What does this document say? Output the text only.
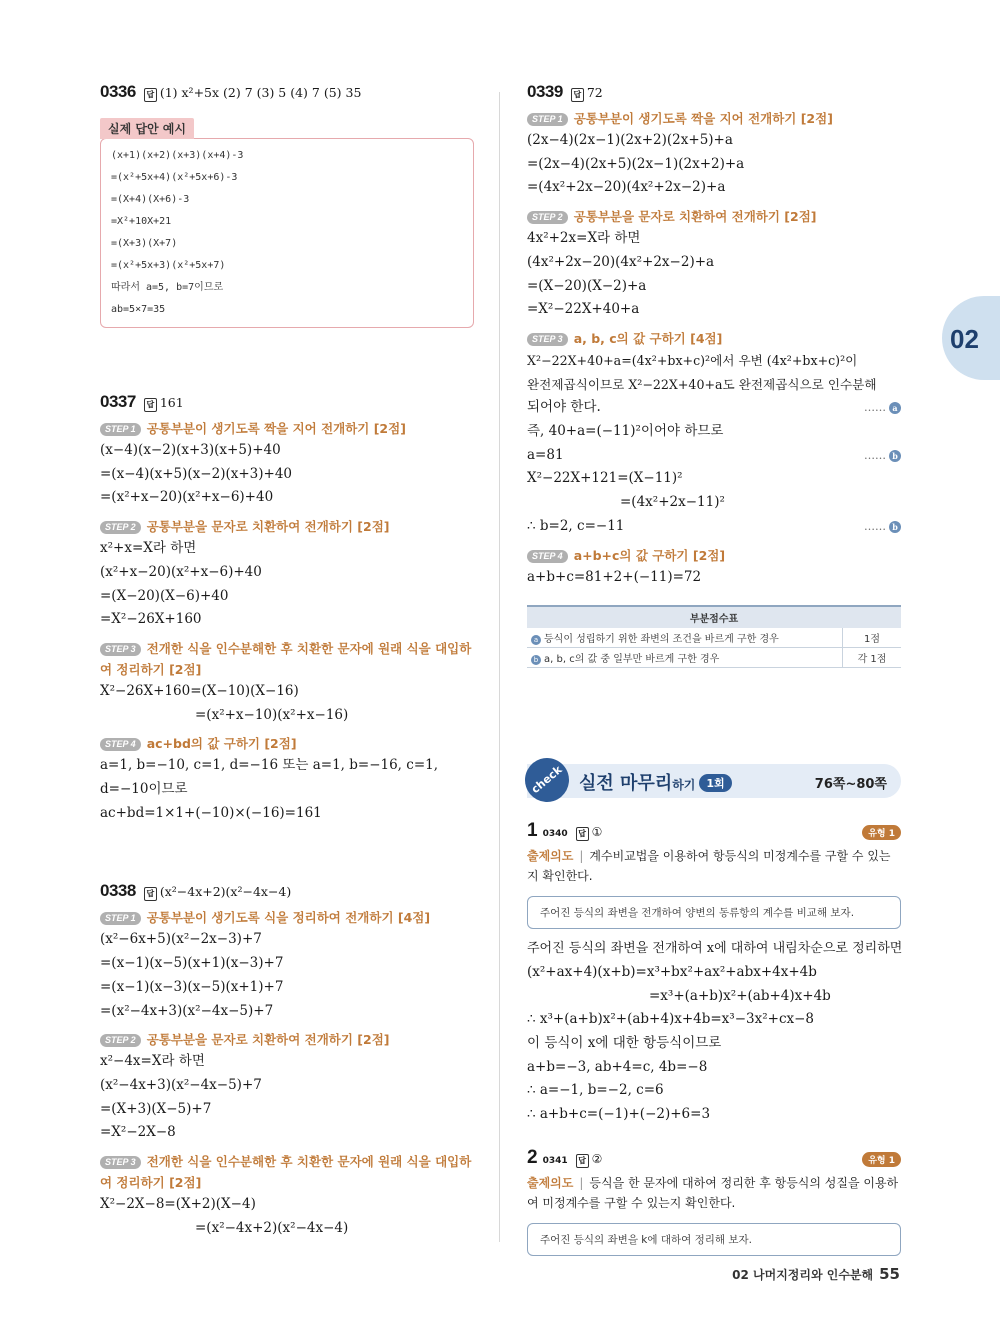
02
0336	답 (1) x²+5x (2) 7 (3) 5 (4) 7 (5) 35
실제 답안 예시
(x+1)(x+2)(x+3)(x+4)-3
=(x²+5x+4)(x²+5x+6)-3
=(X+4)(X+6)-3
=X²+10X+21
=(X+3)(X+7)
=(x²+5x+3)(x²+5x+7)
따라서 a=5, b=7이므로
ab=5×7=35
0337	답 161
STEP 1 공통부분이 생기도록 짝을 지어 전개하기 [2점]
(x−4)(x−2)(x+3)(x+5)+40
=(x−4)(x+5)(x−2)(x+3)+40
=(x²+x−20)(x²+x−6)+40
STEP 2 공통부분을 문자로 치환하여 전개하기 [2점]
x²+x=X라 하면
(x²+x−20)(x²+x−6)+40
=(X−20)(X−6)+40
=X²−26X+160
STEP 3 전개한 식을 인수분해한 후 치환한 문자에 원래 식을 대입하여 정리하기 [2점]
X²−26X+160=(X−10)(X−16)
=(x²+x−10)(x²+x−16)
STEP 4 ac+bd의 값 구하기 [2점]
a=1, b=−10, c=1, d=−16 또는 a=1, b=−16, c=1,
d=−10이므로
ac+bd=1×1+(−10)×(−16)=161
0338	답 (x²−4x+2)(x²−4x−4)
STEP 1 공통부분이 생기도록 식을 정리하여 전개하기 [4점]
(x²−6x+5)(x²−2x−3)+7
=(x−1)(x−5)(x+1)(x−3)+7
=(x−1)(x−3)(x−5)(x+1)+7
=(x²−4x+3)(x²−4x−5)+7
STEP 2 공통부분을 문자로 치환하여 전개하기 [2점]
x²−4x=X라 하면
(x²−4x+3)(x²−4x−5)+7
=(X+3)(X−5)+7
=X²−2X−8
STEP 3 전개한 식을 인수분해한 후 치환한 문자에 원래 식을 대입하여 정리하기 [2점]
X²−2X−8=(X+2)(X−4)
=(x²−4x+2)(x²−4x−4)
0339	답 72
STEP 1 공통부분이 생기도록 짝을 지어 전개하기 [2점]
(2x−4)(2x−1)(2x+2)(2x+5)+a
=(2x−4)(2x+5)(2x−1)(2x+2)+a
=(4x²+2x−20)(4x²+2x−2)+a
STEP 2 공통부분을 문자로 치환하여 전개하기 [2점]
4x²+2x=X라 하면
(4x²+2x−20)(4x²+2x−2)+a
=(X−20)(X−2)+a
=X²−22X+40+a
STEP 3 a, b, c의 값 구하기 [4점]
X²−22X+40+a=(4x²+bx+c)²에서 우변 (4x²+bx+c)²이
완전제곱식이므로 X²−22X+40+a도 완전제곱식으로 인수분해
…… a
되어야 한다.
즉, 40+a=(−11)²이어야 하므로
…… b
a=81
X²−22X+121=(X−11)²
=(4x²+2x−11)²
…… b
∴ b=2, c=−11
STEP 4 a+b+c의 값 구하기 [2점]
a+b+c=81+2+(−11)=72
부분점수표	
a 등식이 성립하기 위한 좌변의 조건을 바르게 구한 경우	1점
b a, b, c의 값 중 일부만 바르게 구한 경우	각 1점
check 실전 마무리하기 1회	76쪽~80쪽
1 0340	답 ①	유형 1
출제의도 | 계수비교법을 이용하여 항등식의 미정계수를 구할 수 있는지 확인한다.
주어진 등식의 좌변을 전개하여 양변의 동류항의 계수를 비교해 보자.
주어진 등식의 좌변을 전개하여 x에 대하여 내림차순으로 정리하면
(x²+ax+4)(x+b)=x³+bx²+ax²+abx+4x+4b
=x³+(a+b)x²+(ab+4)x+4b
∴ x³+(a+b)x²+(ab+4)x+4b=x³−3x²+cx−8
이 등식이 x에 대한 항등식이므로
a+b=−3, ab+4=c, 4b=−8
∴ a=−1, b=−2, c=6
∴ a+b+c=(−1)+(−2)+6=3
2 0341	답 ②	유형 1
출제의도 | 등식을 한 문자에 대하여 정리한 후 항등식의 성질을 이용하여 미정계수를 구할 수 있는지 확인한다.
주어진 등식의 좌변을 k에 대하여 정리해 보자.
02 나머지정리와 인수분해 55
